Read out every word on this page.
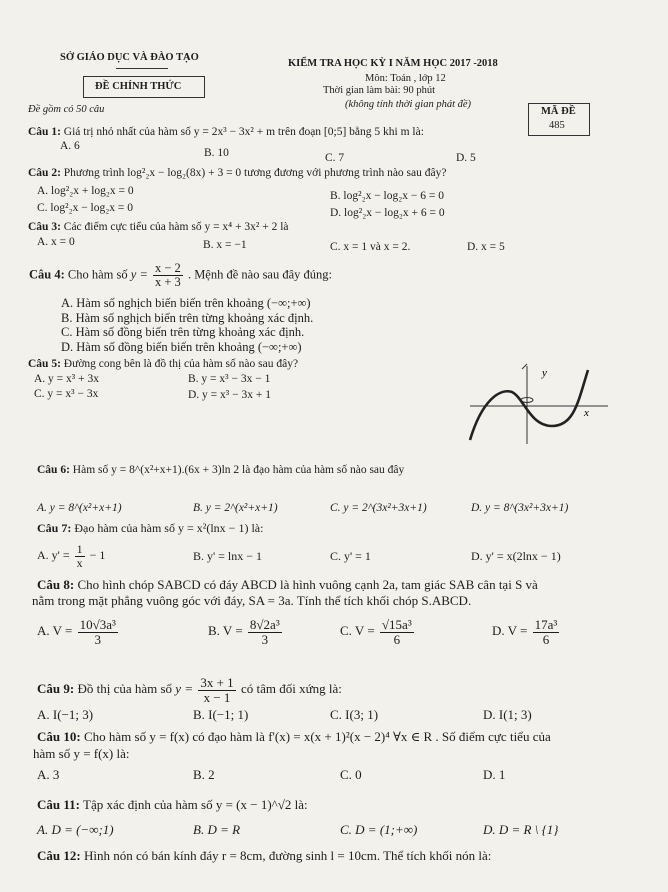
SỞ GIÁO DỤC VÀ ĐÀO TẠO
ĐỀ CHÍNH THỨC
Đề gồm có 50 câu
KIỂM TRA HỌC KỲ I NĂM HỌC 2017 -2018
Môn: Toán , lớp 12
Thời gian làm bài: 90 phút
(không tính thời gian phát đề)
MÃ ĐỀ
485
Câu 1: Giá trị nhỏ nhất của hàm số y = 2x³ − 3x² + m trên đoạn [0;5] bằng 5 khi m là:
A. 6
B. 10	C. 7	D. 5
Câu 2: Phương trình log²₂x − log₂(8x) + 3 = 0 tương đương với phương trình nào sau đây?
A. log²₂x + log₂x = 0	B. log²₂x − log₂x − 6 = 0
C. log²₂x − log₂x = 0	D. log²₂x − log₂x + 6 = 0
Câu 3: Các điểm cực tiểu của hàm số y = x⁴ + 3x² + 2 là
A. x = 0	B. x = −1	C. x = 1 và x = 2.	D. x = 5
Câu 4: Cho hàm số $y = \frac{x - 2}{x + 3}$ . Mệnh đề nào sau đây đúng:
A. Hàm số nghịch biến biến trên khoảng (−∞;+∞)
B. Hàm số nghịch biến trên từng khoảng xác định.
C. Hàm số đồng biến trên từng khoảng xác định.
D. Hàm số đồng biến biến trên khoảng (−∞;+∞)
Câu 5: Đường cong bên là đồ thị của hàm số nào sau đây?
A. y = x³ + 3x	B. y = x³ − 3x − 1
C. y = x³ − 3x	D. y = x³ − 3x + 1
y
x
Câu 6: Hàm số y = 8^(x²+x+1).(6x + 3)ln 2 là đạo hàm của hàm số nào sau đây
A. y = 8^(x²+x+1)	B. y = 2^(x²+x+1)	C. y = 2^(3x²+3x+1)	D. y = 8^(3x²+3x+1)
Câu 7: Đạo hàm của hàm số y = x²(lnx − 1) là:
A. $y' = \frac{1}{x} - 1$	B. y' = lnx − 1	C. y' = 1	D. y' = x(2lnx − 1)
Câu 8: Cho hình chóp SABCD có đáy ABCD là hình vuông cạnh 2a, tam giác SAB cân tại S và
nằm trong mặt phẳng vuông góc với đáy, SA = 3a. Tính thể tích khối chóp S.ABCD.
A. $V = \frac{\text{10√3a³}}{3}$	B. $V = \frac{\text{8√2a³}}{3}$	C. $V = \frac{\text{√15a³}}{6}$	D. $V = \frac{\text{17a³}}{6}$
Câu 9: Đồ thị của hàm số $y = \frac{3x + 1}{x - 1}$ có tâm đối xứng là:
A. I(−1; 3)	B. I(−1; 1)	C. I(3; 1)	D. I(1; 3)
Câu 10: Cho hàm số y = f(x) có đạo hàm là f'(x) = x(x + 1)²(x − 2)⁴ ∀x ∈ R . Số điểm cực tiểu của
hàm số y = f(x) là:
A. 3	B. 2	C. 0	D. 1
Câu 11: Tập xác định của hàm số y = (x − 1)^√2 là:
A. D = (−∞;1)	B. D = R	C. D = (1;+∞)	D. D = R \ {1}
Câu 12: Hình nón có bán kính đáy r = 8cm, đường sinh l = 10cm. Thể tích khối nón là:
